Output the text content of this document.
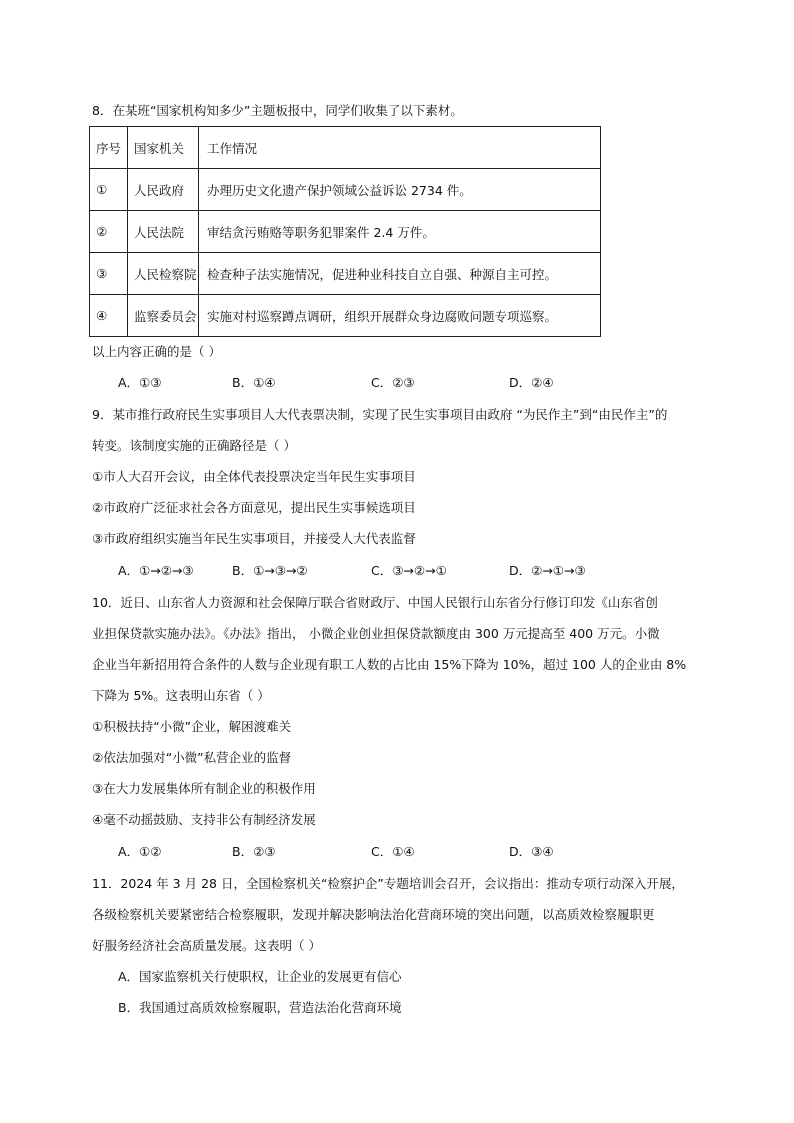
8．在某班“国家机构知多少”主题板报中，同学们收集了以下素材。
序号	国家机关	工作情况
①	人民政府	办理历史文化遗产保护领域公益诉讼 2734 件。
②	人民法院	审结贪污贿赂等职务犯罪案件 2.4 万件。
③	人民检察院	检查种子法实施情况，促进种业科技自立自强、种源自主可控。
④	监察委员会	实施对村巡察蹲点调研，组织开展群众身边腐败问题专项巡察。
以上内容正确的是（ ）
A．①③	B．①④	C．②③	D．②④
9．某市推行政府民生实事项目人大代表票决制，实现了民生实事项目由政府 “为民作主”到“由民作主”的
转变。该制度实施的正确路径是（ ）
①市人大召开会议，由全体代表投票决定当年民生实事项目
②市政府广泛征求社会各方面意见，提出民生实事候选项目
③市政府组织实施当年民生实事项目，并接受人大代表监督
A．①→②→③	B．①→③→②	C．③→②→①	D．②→①→③
10．近日、山东省人力资源和社会保障厅联合省财政厅、中国人民银行山东省分行修订印发《山东省创
业担保贷款实施办法》。《办法》指出， 小微企业创业担保贷款额度由 300 万元提高至 400 万元。小微
企业当年新招用符合条件的人数与企业现有职工人数的占比由 15%下降为 10%，超过 100 人的企业由 8%
下降为 5%。这表明山东省（ ）
①积极扶持“小微”企业，解困渡难关
②依法加强对“小微”私营企业的监督
③在大力发展集体所有制企业的积极作用
④毫不动摇鼓励、支持非公有制经济发展
A．①②	B．②③	C．①④	D．③④
11．2024 年 3 月 28 日，全国检察机关“检察护企”专题培训会召开，会议指出：推动专项行动深入开展，
各级检察机关要紧密结合检察履职，发现并解决影响法治化营商环境的突出问题，以高质效检察履职更
好服务经济社会高质量发展。这表明（ ）
A．国家监察机关行使职权，让企业的发展更有信心
B．我国通过高质效检察履职，营造法治化营商环境
